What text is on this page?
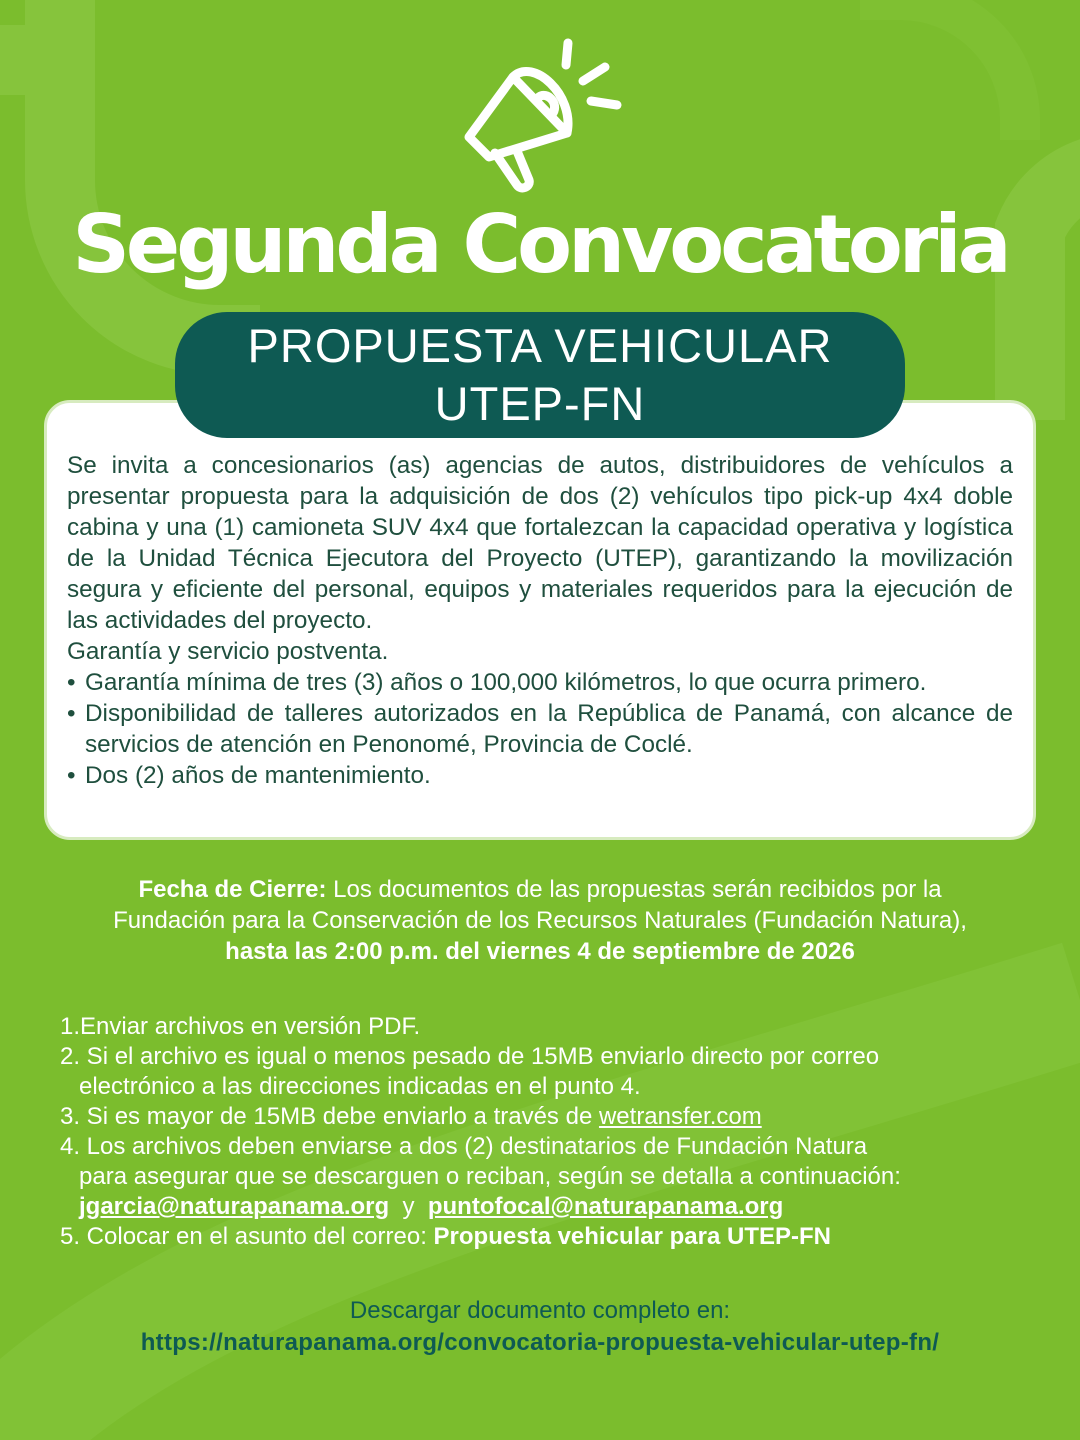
Segunda Convocatoria
PROPUESTA VEHICULAR
UTEP-FN

Se invita a concesionarios (as) agencias de autos, distribuidores de vehículos a presentar propuesta para la adquisición de dos (2) vehículos tipo pick-up 4x4 doble cabina y una (1) camioneta SUV 4x4 que fortalezcan la capacidad operativa y logística de la Unidad Técnica Ejecutora del Proyecto (UTEP), garantizando la movilización segura y eficiente del personal, equipos y materiales requeridos para la ejecución de las actividades del proyecto.

Garantía y servicio postventa.

• Garantía mínima de tres (3) años o 100,000 kilómetros, lo que ocurra primero.
• Disponibilidad de talleres autorizados en la República de Panamá, con alcance de servicios de atención en Penonomé, Provincia de Coclé.
• Dos (2) años de mantenimiento.
Fecha de Cierre: Los documentos de las propuestas serán recibidos por la
Fundación para la Conservación de los Recursos Naturales (Fundación Natura),
hasta las 2:00 p.m. del viernes 4 de septiembre de 2026
1.Enviar archivos en versión PDF.
2. Si el archivo es igual o menos pesado de 15MB enviarlo directo por correo
electrónico a las direcciones indicadas en el punto 4.
3. Si es mayor de 15MB debe enviarlo a través de wetransfer.com
4. Los archivos deben enviarse a dos (2) destinatarios de Fundación Natura
para asegurar que se descarguen o reciban, según se detalla a continuación:
jgarcia@naturapanama.org  y  puntofocal@naturapanama.org
5. Colocar en el asunto del correo: Propuesta vehicular para UTEP-FN
Descargar documento completo en:
https://naturapanama.org/convocatoria-propuesta-vehicular-utep-fn/
